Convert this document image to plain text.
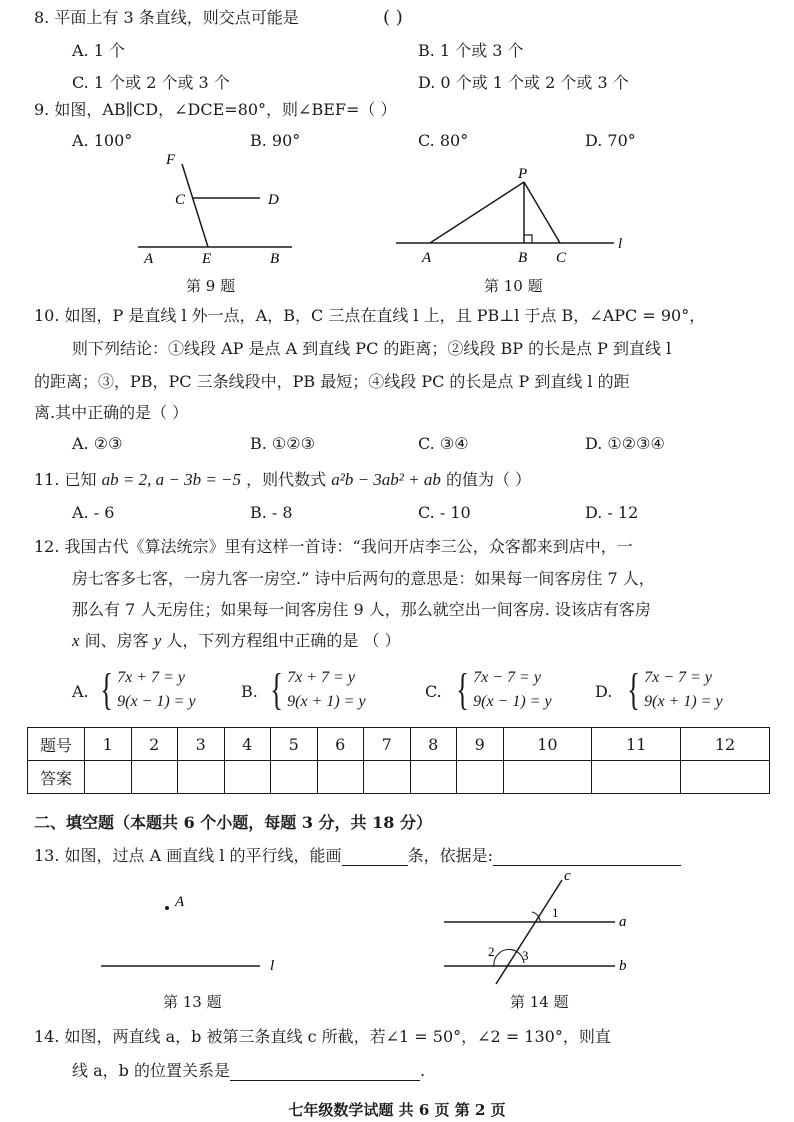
8. 平面上有 3 条直线，则交点可能是	( )
A. 1 个	B. 1 个或 3 个
C. 1 个或 2 个或 3 个	D. 0 个或 1 个或 2 个或 3 个
9. 如图，AB∥CD，∠DCE=80°，则∠BEF=（ ）
A. 100°	B. 90°	C. 80°	D. 70°
F
C	D
A	E	B
第 9 题
P
A	B C
l
第 10 题
10. 如图，P 是直线 l 外一点，A，B，C 三点在直线 l 上，且 PB⊥l 于点 B，∠APC = 90°，
则下列结论：①线段 AP 是点 A 到直线 PC 的距离；②线段 BP 的长是点 P 到直线 l
的距离；③，PB，PC 三条线段中，PB 最短；④线段 PC 的长是点 P 到直线 l 的距
离.其中正确的是（ ）
A. ②③	B. ①②③	C. ③④	D. ①②③④
11. 已知 ab = 2, a − 3b = −5 ，则代数式 a²b − 3ab² + ab 的值为（ ）
A. - 6	B. - 8	C. - 10	D. - 12
12. 我国古代《算法统宗》里有这样一首诗：“我问开店李三公，众客都来到店中，一
房七客多七客，一房九客一房空.” 诗中后两句的意思是：如果每一间客房住 7 人，
那么有 7 人无房住；如果每一间客房住 9 人，那么就空出一间客房. 设该店有客房
x 间、房客 y 人，下列方程组中正确的是 （ ）
A. { 7x + 7 = y
9(x − 1) = y
B. { 7x + 7 = y
9(x + 1) = y
C. { 7x − 7 = y
9(x − 1) = y
D. { 7x − 7 = y
9(x + 1) = y
题号	1	2	3	4	5	6	7	8	9	10	11	12
答案												
二、填空题（本题共 6 个小题，每题 3 分，共 18 分）
13. 如图，过点 A 画直线 l 的平行线，能画	条，依据是:
A
l
第 13 题
c
a
b
1
2 3
第 14 题
14. 如图，两直线 a，b 被第三条直线 c 所截，若∠1 = 50°，∠2 = 130°，则直
线 a，b 的位置关系是	.
七年级数学试题 共 6 页 第 2 页
